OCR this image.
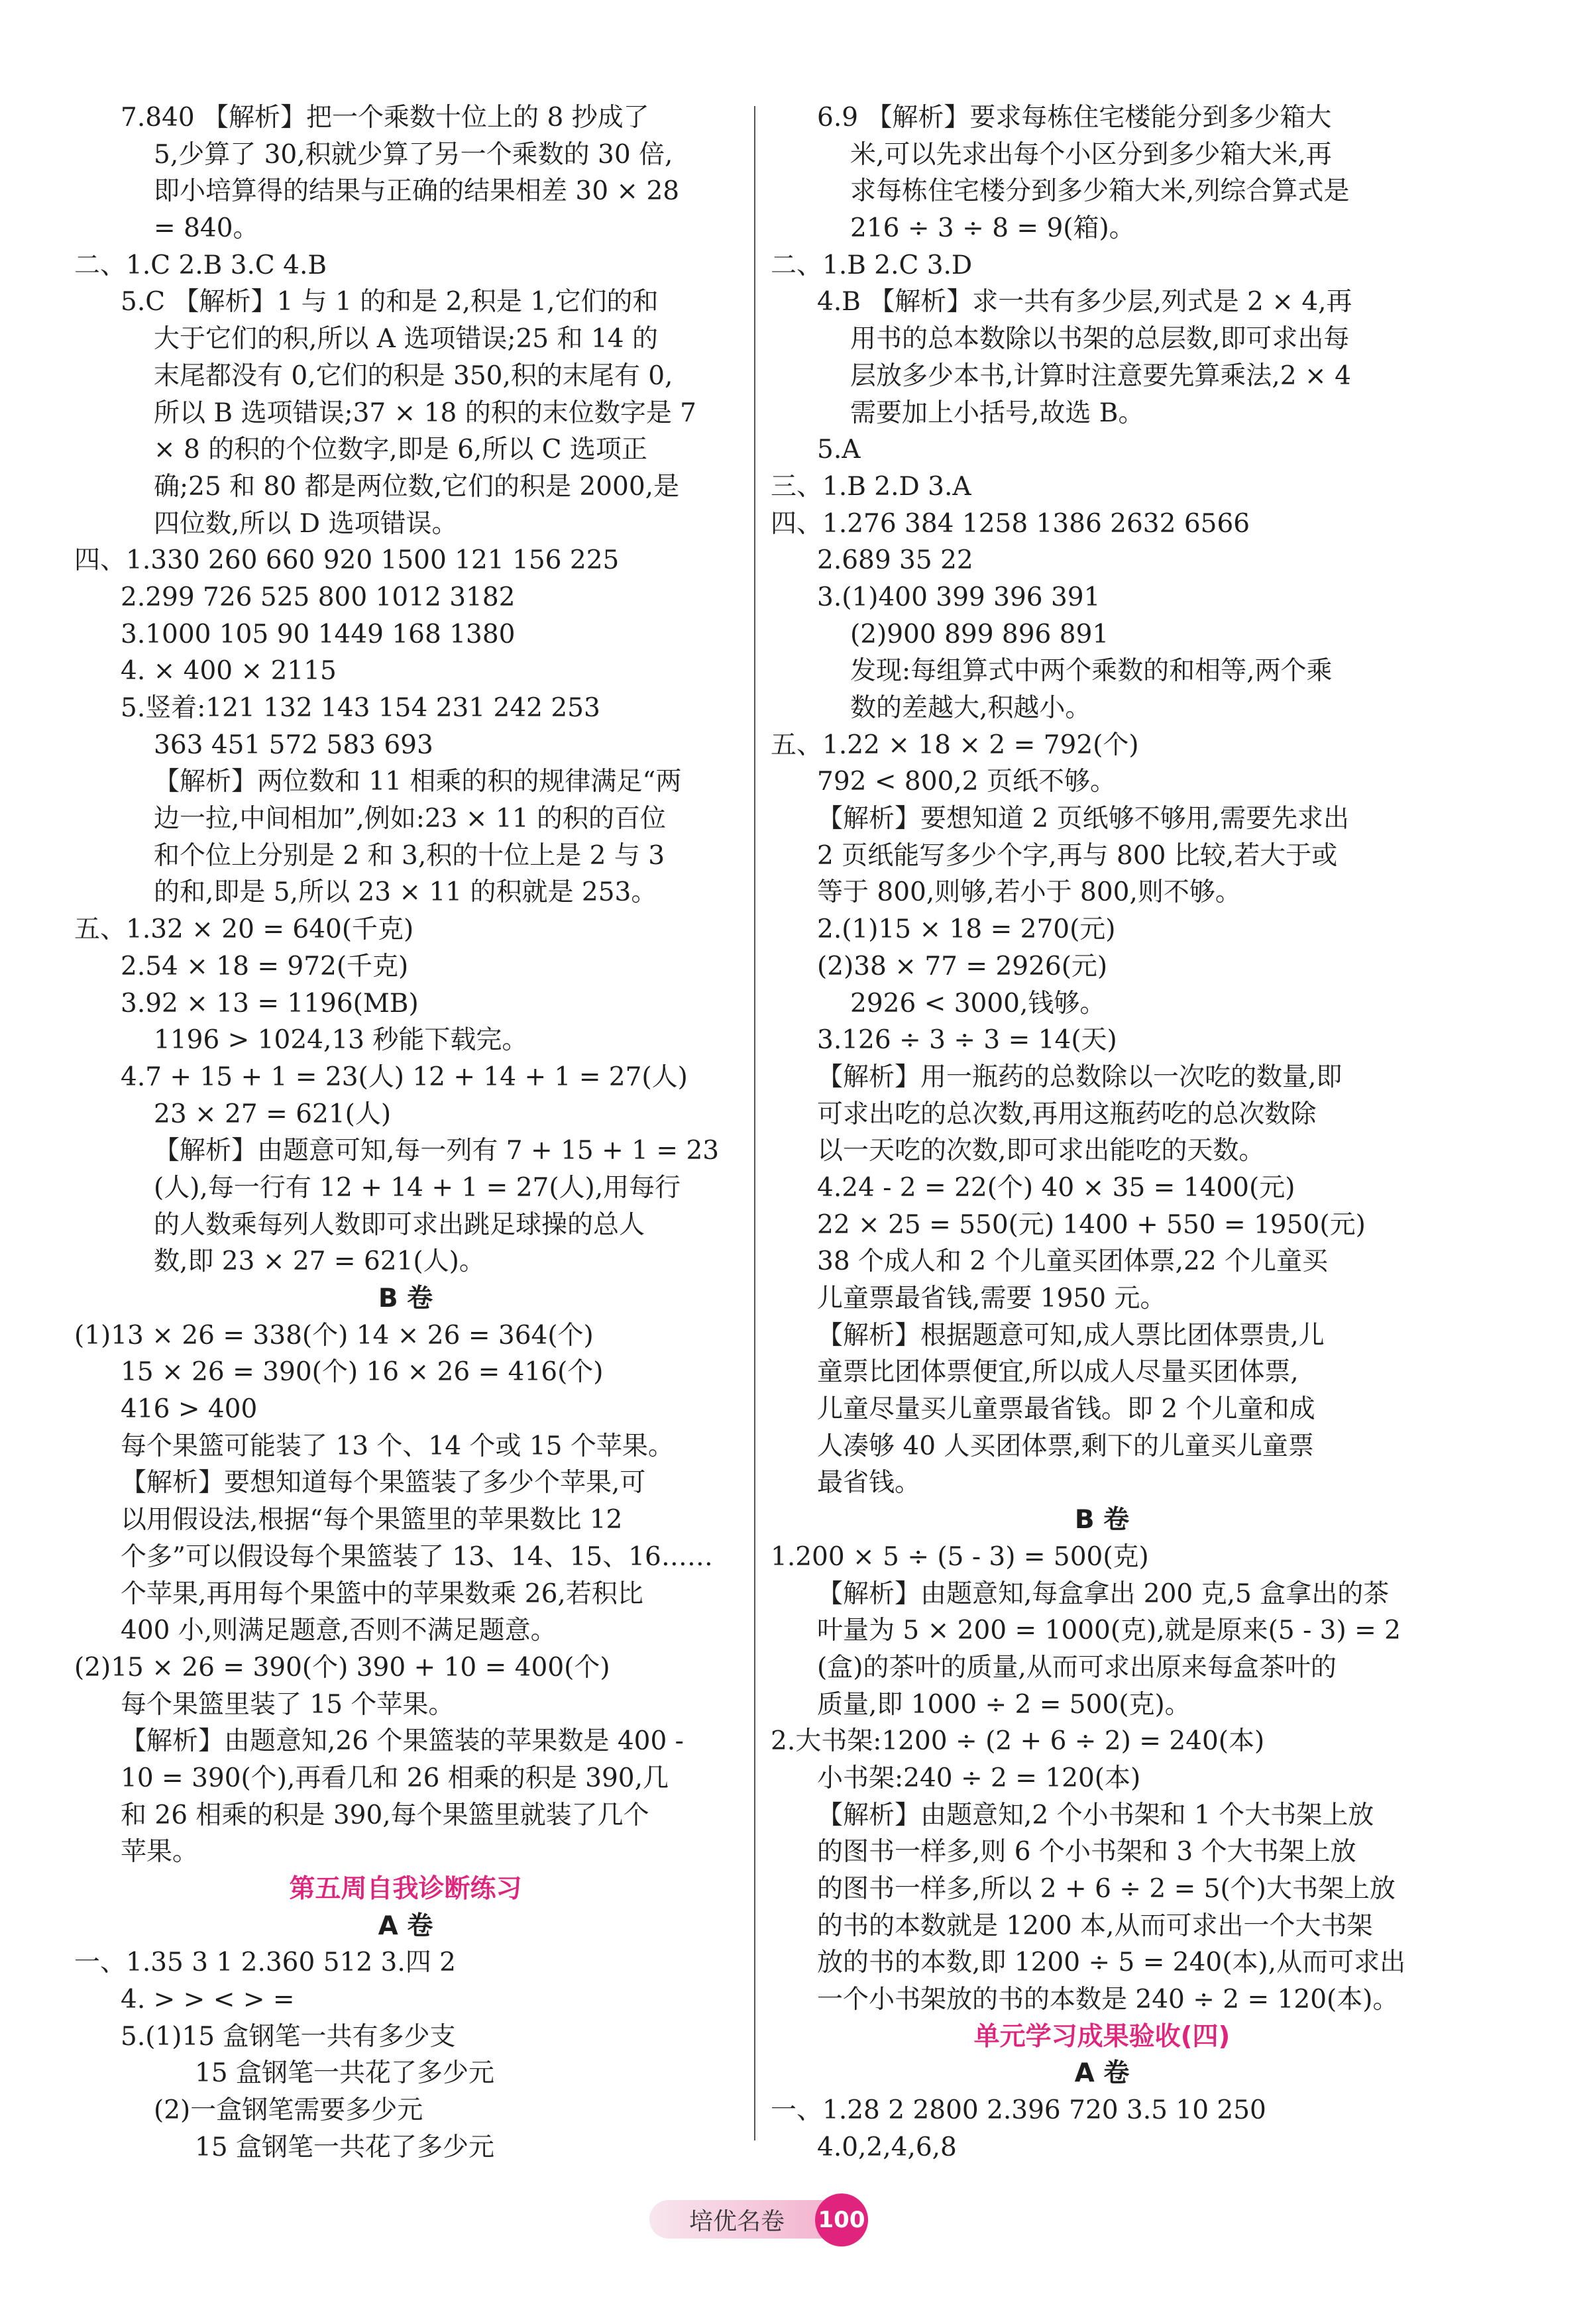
7.840 【解析】把一个乘数十位上的 8 抄成了
5,少算了 30,积就少算了另一个乘数的 30 倍,
即小培算得的结果与正确的结果相差 30 × 28
= 840。
二、1.C 2.B 3.C 4.B
5.C 【解析】1 与 1 的和是 2,积是 1,它们的和
大于它们的积,所以 A 选项错误;25 和 14 的
末尾都没有 0,它们的积是 350,积的末尾有 0,
所以 B 选项错误;37 × 18 的积的末位数字是 7
× 8 的积的个位数字,即是 6,所以 C 选项正
确;25 和 80 都是两位数,它们的积是 2000,是
四位数,所以 D 选项错误。
四、1.330 260 660 920 1500 121 156 225
2.299 726 525 800 1012 3182
3.1000 105 90 1449 168 1380
4. × 400 × 2115
5.竖着:121 132 143 154 231 242 253
363 451 572 583 693
【解析】两位数和 11 相乘的积的规律满足“两
边一拉,中间相加”,例如:23 × 11 的积的百位
和个位上分别是 2 和 3,积的十位上是 2 与 3
的和,即是 5,所以 23 × 11 的积就是 253。
五、1.32 × 20 = 640(千克)
2.54 × 18 = 972(千克)
3.92 × 13 = 1196(MB)
1196 > 1024,13 秒能下载完。
4.7 + 15 + 1 = 23(人) 12 + 14 + 1 = 27(人)
23 × 27 = 621(人)
【解析】由题意可知,每一列有 7 + 15 + 1 = 23
(人),每一行有 12 + 14 + 1 = 27(人),用每行
的人数乘每列人数即可求出跳足球操的总人
数,即 23 × 27 = 621(人)。
B 卷
(1)13 × 26 = 338(个) 14 × 26 = 364(个)
15 × 26 = 390(个) 16 × 26 = 416(个)
416 > 400
每个果篮可能装了 13 个、14 个或 15 个苹果。
【解析】要想知道每个果篮装了多少个苹果,可
以用假设法,根据“每个果篮里的苹果数比 12
个多”可以假设每个果篮装了 13、14、15、16……
个苹果,再用每个果篮中的苹果数乘 26,若积比
400 小,则满足题意,否则不满足题意。
(2)15 × 26 = 390(个) 390 + 10 = 400(个)
每个果篮里装了 15 个苹果。
【解析】由题意知,26 个果篮装的苹果数是 400 -
10 = 390(个),再看几和 26 相乘的积是 390,几
和 26 相乘的积是 390,每个果篮里就装了几个
苹果。
第五周自我诊断练习
A 卷
一、1.35 3 1 2.360 512 3.四 2
4. > > < > =
5.(1)15 盒钢笔一共有多少支
15 盒钢笔一共花了多少元
(2)一盒钢笔需要多少元
15 盒钢笔一共花了多少元
6.9 【解析】要求每栋住宅楼能分到多少箱大
米,可以先求出每个小区分到多少箱大米,再
求每栋住宅楼分到多少箱大米,列综合算式是
216 ÷ 3 ÷ 8 = 9(箱)。
二、1.B 2.C 3.D
4.B 【解析】求一共有多少层,列式是 2 × 4,再
用书的总本数除以书架的总层数,即可求出每
层放多少本书,计算时注意要先算乘法,2 × 4
需要加上小括号,故选 B。
5.A
三、1.B 2.D 3.A
四、1.276 384 1258 1386 2632 6566
2.689 35 22
3.(1)400 399 396 391
(2)900 899 896 891
发现:每组算式中两个乘数的和相等,两个乘
数的差越大,积越小。
五、1.22 × 18 × 2 = 792(个)
792 < 800,2 页纸不够。
【解析】要想知道 2 页纸够不够用,需要先求出
2 页纸能写多少个字,再与 800 比较,若大于或
等于 800,则够,若小于 800,则不够。
2.(1)15 × 18 = 270(元)
(2)38 × 77 = 2926(元)
2926 < 3000,钱够。
3.126 ÷ 3 ÷ 3 = 14(天)
【解析】用一瓶药的总数除以一次吃的数量,即
可求出吃的总次数,再用这瓶药吃的总次数除
以一天吃的次数,即可求出能吃的天数。
4.24 - 2 = 22(个) 40 × 35 = 1400(元)
22 × 25 = 550(元) 1400 + 550 = 1950(元)
38 个成人和 2 个儿童买团体票,22 个儿童买
儿童票最省钱,需要 1950 元。
【解析】根据题意可知,成人票比团体票贵,儿
童票比团体票便宜,所以成人尽量买团体票,
儿童尽量买儿童票最省钱。即 2 个儿童和成
人凑够 40 人买团体票,剩下的儿童买儿童票
最省钱。
B 卷
1.200 × 5 ÷ (5 - 3) = 500(克)
【解析】由题意知,每盒拿出 200 克,5 盒拿出的茶
叶量为 5 × 200 = 1000(克),就是原来(5 - 3) = 2
(盒)的茶叶的质量,从而可求出原来每盒茶叶的
质量,即 1000 ÷ 2 = 500(克)。
2.大书架:1200 ÷ (2 + 6 ÷ 2) = 240(本)
小书架:240 ÷ 2 = 120(本)
【解析】由题意知,2 个小书架和 1 个大书架上放
的图书一样多,则 6 个小书架和 3 个大书架上放
的图书一样多,所以 2 + 6 ÷ 2 = 5(个)大书架上放
的书的本数就是 1200 本,从而可求出一个大书架
放的书的本数,即 1200 ÷ 5 = 240(本),从而可求出
一个小书架放的书的本数是 240 ÷ 2 = 120(本)。
单元学习成果验收(四)
A 卷
一、1.28 2 2800 2.396 720 3.5 10 250
4.0,2,4,6,8
培优名卷 100
